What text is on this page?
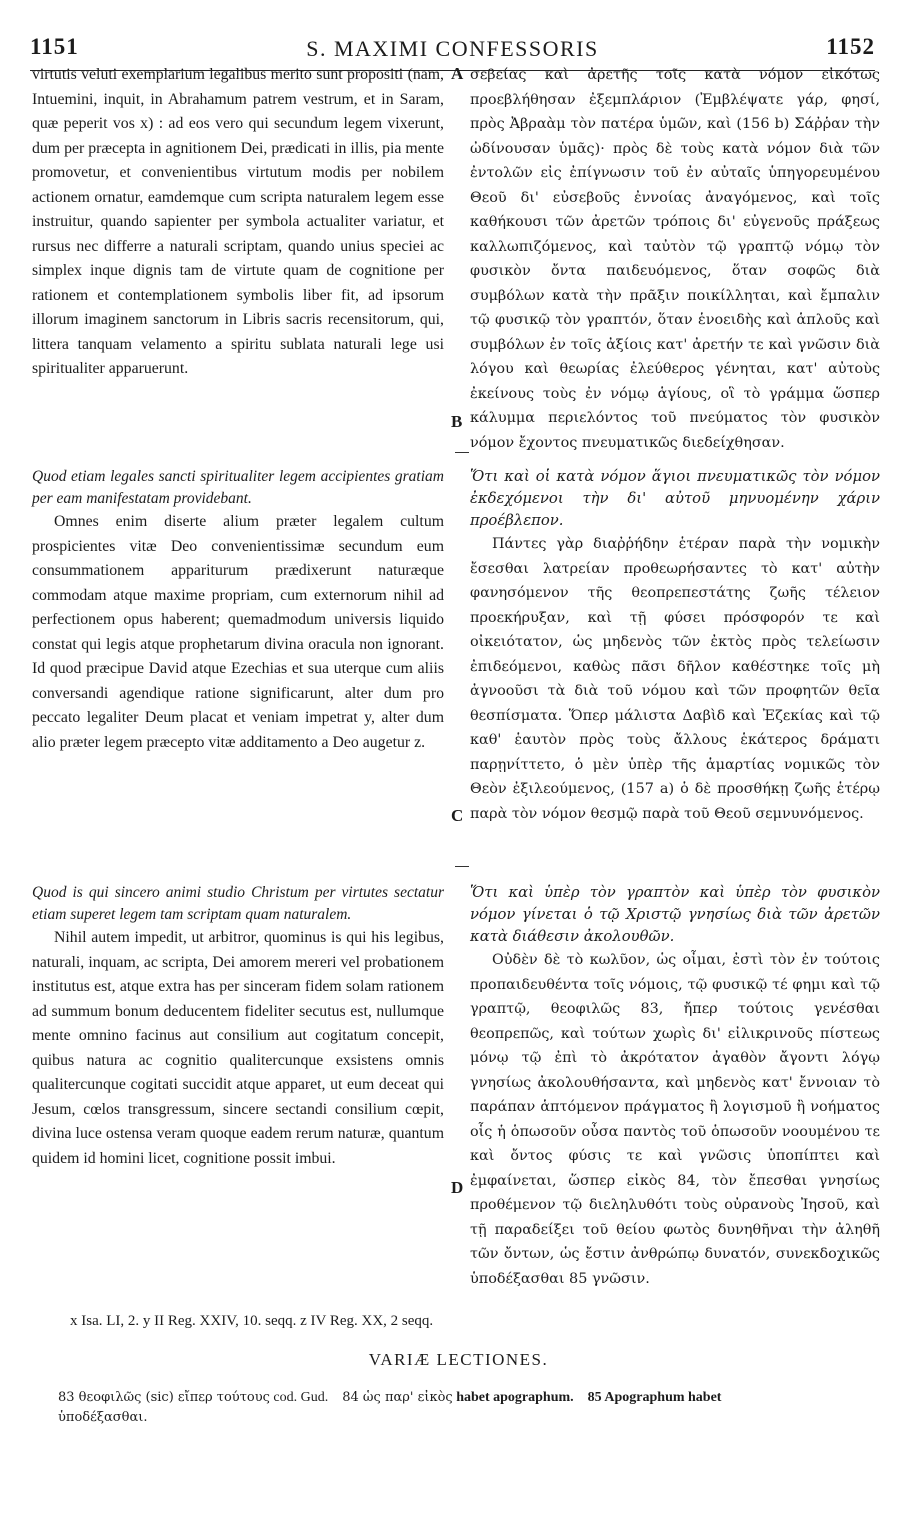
1151	S. MAXIMI CONFESSORIS	1152

virtutis veluti exemplarium legalibus merito sunt propositi (nam, Intuemini, inquit, in Abrahamum patrem vestrum, et in Saram, quæ peperit vos x) : ad eos vero qui secundum legem vixerunt, dum per præcepta in agnitionem Dei, prædicati in illis, pia mente promovetur, et convenientibus virtutum modis per nobilem actionem ornatur, eamdemque cum scripta naturalem legem esse instruitur, quando sapienter per symbola actualiter variatur, et rursus nec differre a naturali scriptam, quando unius speciei ac simplex inque dignis tam de virtute quam de cognitione per rationem et contemplationem symbolis liber fit, ad ipsorum illorum imaginem sanctorum in Libris sacris recensitorum, qui, littera tanquam velamento a spiritu sublata naturali lege usi spiritualiter apparuerunt.

σεβείας καὶ ἀρετῆς τοῖς κατὰ νόμον εἰκότως προεβλήθησαν ἐξεμπλάριον (Ἐμβλέψατε γάρ, φησί, πρὸς Ἀβραὰμ τὸν πατέρα ὑμῶν, καὶ (156 b) Σάῤῥαν τὴν ὠδίνουσαν ὑμᾶς)· πρὸς δὲ τοὺς κατὰ νόμον διὰ τῶν ἐντολῶν εἰς ἐπίγνωσιν τοῦ ἐν αὐταῖς ὑπηγορευμένου Θεοῦ δι' εὐσεβοῦς ἐννοίας ἀναγόμενος, καὶ τοῖς καθήκουσι τῶν ἀρετῶν τρόποις δι' εὐγενοῦς πράξεως καλλωπιζόμενος, καὶ ταὐτὸν τῷ γραπτῷ νόμῳ τὸν φυσικὸν ὄντα παιδευόμενος, ὅταν σοφῶς διὰ συμβόλων κατὰ τὴν πρᾶξιν ποικίλληται, καὶ ἔμπαλιν τῷ φυσικῷ τὸν γραπτόν, ὅταν ἑνοειδὴς καὶ ἁπλοῦς καὶ συμβόλων ἐν τοῖς ἀξίοις κατ' ἀρετήν τε καὶ γνῶσιν διὰ λόγου καὶ θεωρίας ἐλεύθερος γένηται, κατ' αὐτοὺς ἐκείνους τοὺς ἐν νόμῳ ἁγίους, οἳ τὸ γράμμα ὥσπερ κάλυμμα περιελόντος τοῦ πνεύματος τὸν φυσικὸν νόμον ἔχοντος πνευματικῶς διεδείχθησαν.

A
B

Quod etiam legales sancti spiritualiter legem accipientes gratiam per eam manifestatam providebant.

Omnes enim diserte alium præter legalem cultum prospicientes vitæ Deo convenientissimæ secundum eum consummationem appariturum prædixerunt naturæque commodam atque maxime propriam, cum externorum nihil ad perfectionem opus haberent; quemadmodum universis liquido constat qui legis atque prophetarum divina oracula non ignorant. Id quod præcipue David atque Ezechias et sua uterque cum aliis conversandi agendique ratione significarunt, alter dum pro peccato legaliter Deum placat et veniam impetrat y, alter dum alio præter legem præcepto vitæ additamento a Deo augetur z.

Ὅτι καὶ οἱ κατὰ νόμον ἅγιοι πνευματικῶς τὸν νόμον ἐκδεχόμενοι τὴν δι' αὐτοῦ μηνυομένην χάριν προέβλεπον.

Πάντες γὰρ διαῤῥήδην ἑτέραν παρὰ τὴν νομικὴν ἔσεσθαι λατρείαν προθεωρήσαντες τὸ κατ' αὐτὴν φανησόμενον τῆς θεοπρεπεστάτης ζωῆς τέλειον προεκήρυξαν, καὶ τῇ φύσει πρόσφορόν τε καὶ οἰκειότατον, ὡς μηδενὸς τῶν ἐκτὸς πρὸς τελείωσιν ἐπιδεόμενοι, καθὼς πᾶσι δῆλον καθέστηκε τοῖς μὴ ἀγνοοῦσι τὰ διὰ τοῦ νόμου καὶ τῶν προφητῶν θεῖα θεσπίσματα. Ὅπερ μάλιστα Δαβὶδ καὶ Ἐζεκίας καὶ τῷ καθ' ἑαυτὸν πρὸς τοὺς ἄλλους ἑκάτερος δράματι παρῃνίττετο, ὁ μὲν ὑπὲρ τῆς ἁμαρτίας νομικῶς τὸν Θεὸν ἐξιλεούμενος, (157 a) ὁ δὲ προσθήκῃ ζωῆς ἑτέρῳ παρὰ τὸν νόμον θεσμῷ παρὰ τοῦ Θεοῦ σεμνυνόμενος.

C

Quod is qui sincero animi studio Christum per virtutes sectatur etiam superet legem tam scriptam quam naturalem.

Nihil autem impedit, ut arbitror, quominus is qui his legibus, naturali, inquam, ac scripta, Dei amorem mereri vel probationem institutus est, atque extra has per sinceram fidem solam rationem ad summum bonum deducentem fideliter secutus est, nullumque mente omnino facinus aut consilium aut cogitatum concepit, quibus natura ac cognitio qualitercunque exsistens omnis qualitercunque cogitati succidit atque apparet, ut eum deceat qui Jesum, cœlos transgressum, sincere sectandi consilium cœpit, divina luce ostensa veram quoque eadem rerum naturæ, quantum quidem id homini licet, cognitione possit imbui.

Ὅτι καὶ ὑπὲρ τὸν γραπτὸν καὶ ὑπὲρ τὸν φυσικὸν νόμον γίνεται ὁ τῷ Χριστῷ γνησίως διὰ τῶν ἀρετῶν κατὰ διάθεσιν ἀκολουθῶν.

Οὐδὲν δὲ τὸ κωλῦον, ὡς οἶμαι, ἐστὶ τὸν ἐν τούτοις προπαιδευθέντα τοῖς νόμοις, τῷ φυσικῷ τέ φημι καὶ τῷ γραπτῷ, θεοφιλῶς 83, ἤπερ τούτοις γενέσθαι θεοπρεπῶς, καὶ τούτων χωρὶς δι' εἰλικρινοῦς πίστεως μόνῳ τῷ ἐπὶ τὸ ἀκρότατον ἀγαθὸν ἄγοντι λόγῳ γνησίως ἀκολουθήσαντα, καὶ μηδενὸς κατ' ἔννοιαν τὸ παράπαν ἁπτόμενον πράγματος ἢ λογισμοῦ ἢ νοήματος οἷς ἡ ὁπωσοῦν οὖσα παντὸς τοῦ ὁπωσοῦν νοουμένου τε καὶ ὄντος φύσις τε καὶ γνῶσις ὑποπίπτει καὶ ἐμφαίνεται, ὥσπερ εἰκὸς 84, τὸν ἔπεσθαι γνησίως προθέμενον τῷ διεληλυθότι τοὺς οὐρανοὺς Ἰησοῦ, καὶ τῇ παραδείξει τοῦ θείου φωτὸς δυνηθῆναι τὴν ἀληθῆ τῶν ὄντων, ὡς ἔστιν ἀνθρώπῳ δυνατόν, συνεκδοχικῶς ὑποδέξασθαι 85 γνῶσιν.

D
x Isa. LI, 2. y II Reg. XXIV, 10. seqq. z IV Reg. XX, 2 seqq.
VARIÆ LECTIONES.
83 θεοφιλῶς (sic) εἴπερ τούτους cod. Gud. 84 ὡς παρ' εἰκὸς habet apographum. 85 Apographum habet
ὑποδέξασθαι.
